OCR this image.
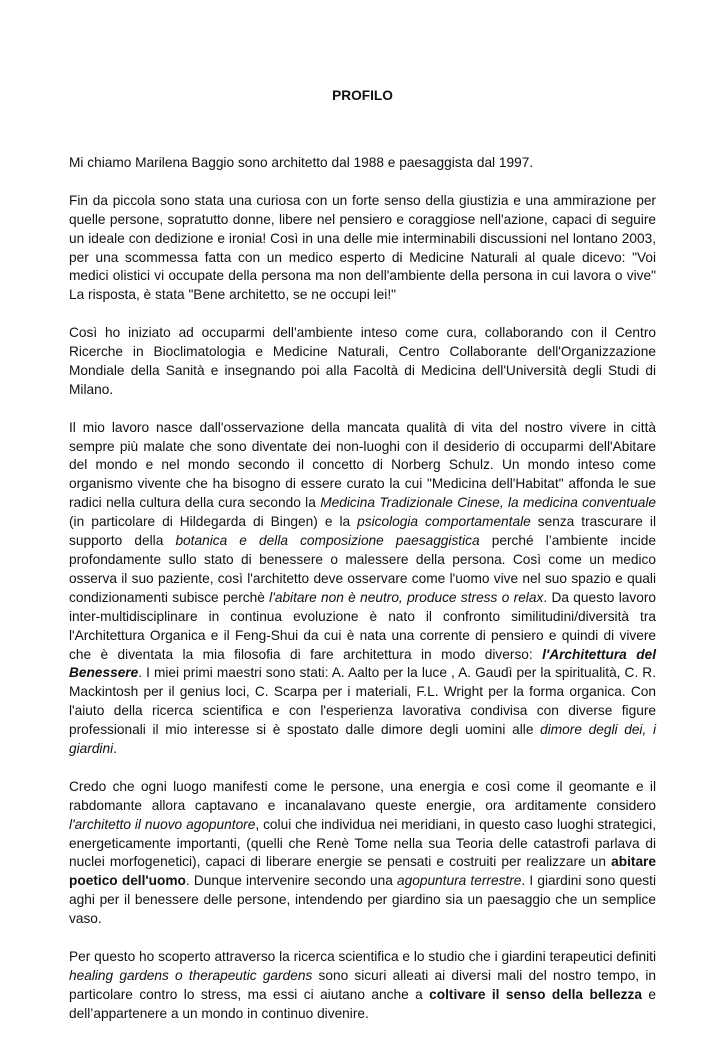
PROFILO

Mi chiamo Marilena Baggio sono architetto dal 1988 e paesaggista dal 1997.

Fin da piccola sono stata una curiosa con un forte senso della giustizia e una ammirazione per quelle persone, sopratutto donne, libere nel pensiero e coraggiose nell'azione, capaci di seguire un ideale con dedizione e ironia! Così in una delle mie interminabili discussioni nel lontano 2003, per una scommessa fatta con un medico esperto di Medicine Naturali al quale dicevo: "Voi medici olistici vi occupate della persona ma non dell'ambiente della persona in cui lavora o vive" La risposta, è stata "Bene architetto, se ne occupi lei!"

Così ho iniziato ad occuparmi dell'ambiente inteso come cura, collaborando con il Centro Ricerche in Bioclimatologia e Medicine Naturali, Centro Collaborante dell'Organizzazione Mondiale della Sanità e insegnando poi alla Facoltà di Medicina dell'Università degli Studi di Milano.

Il mio lavoro nasce dall'osservazione della mancata qualità di vita del nostro vivere in città sempre più malate che sono diventate dei non-luoghi con il desiderio di occuparmi dell'Abitare del mondo e nel mondo secondo il concetto di Norberg Schulz. Un mondo inteso come organismo vivente che ha bisogno di essere curato la cui "Medicina dell'Habitat" affonda le sue radici nella cultura della cura secondo la Medicina Tradizionale Cinese, la medicina conventuale (in particolare di Hildegarda di Bingen) e la psicologia comportamentale senza trascurare il supporto della botanica e della composizione paesaggistica perché l’ambiente incide profondamente sullo stato di benessere o malessere della persona. Così come un medico osserva il suo paziente, così l'architetto deve osservare come l'uomo vive nel suo spazio e quali condizionamenti subisce perchè l'abitare non è neutro, produce stress o relax. Da questo lavoro inter-multidisciplinare in continua evoluzione è nato il confronto similitudini/diversità tra l'Architettura Organica e il Feng-Shui da cui è nata una corrente di pensiero e quindi di vivere che è diventata la mia filosofia di fare architettura in modo diverso: l'Architettura del Benessere. I miei primi maestri sono stati: A. Aalto per la luce , A. Gaudì per la spiritualità, C. R. Mackintosh per il genius loci, C. Scarpa per i materiali, F.L. Wright per la forma organica. Con l'aiuto della ricerca scientifica e con l'esperienza lavorativa condivisa con diverse figure professionali il mio interesse si è spostato dalle dimore degli uomini alle dimore degli dei, i giardini.

Credo che ogni luogo manifesti come le persone, una energia e così come il geomante e il rabdomante allora captavano e incanalavano queste energie, ora arditamente considero l'architetto il nuovo agopuntore, colui che individua nei meridiani, in questo caso luoghi strategici, energeticamente importanti, (quelli che Renè Tome nella sua Teoria delle catastrofi parlava di nuclei morfogenetici), capaci di liberare energie se pensati e costruiti per realizzare un abitare poetico dell'uomo. Dunque intervenire secondo una agopuntura terrestre. I giardini sono questi aghi per il benessere delle persone, intendendo per giardino sia un paesaggio che un semplice vaso.

Per questo ho scoperto attraverso la ricerca scientifica e lo studio che i giardini terapeutici definiti healing gardens o therapeutic gardens sono sicuri alleati ai diversi mali del nostro tempo, in particolare contro lo stress, ma essi ci aiutano anche a coltivare il senso della bellezza e dell’appartenere a un mondo in continuo divenire.
